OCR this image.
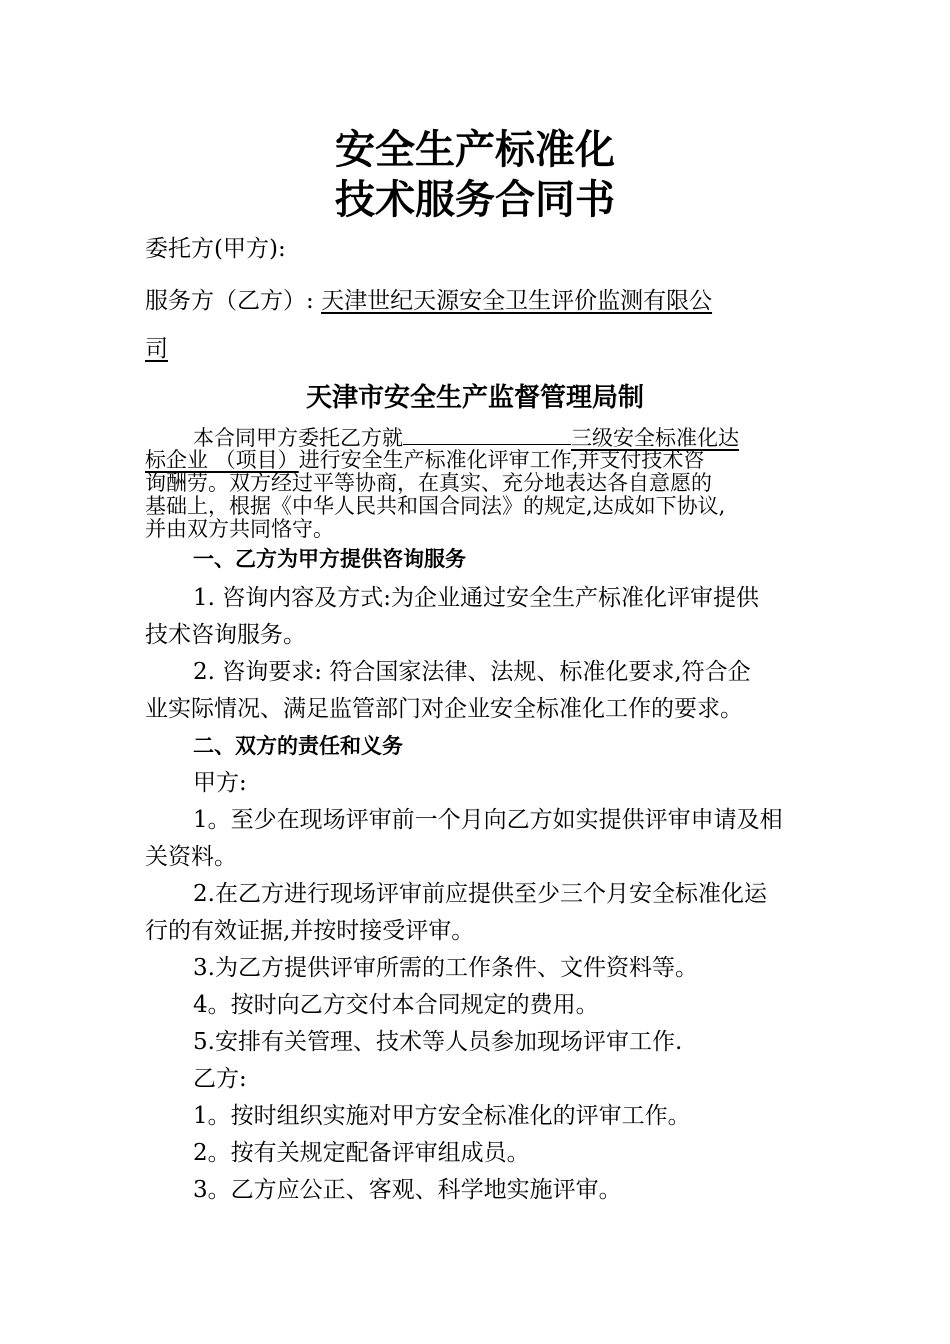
安全生产标准化
技术服务合同书

委托方(甲方):

服务方（乙方）: 天津世纪天源安全卫生评价监测有限公

司

天津市安全生产监督管理局制

本合同甲方委托乙方就	三级安全标准化达

标企业 （项目）进行安全生产标准化评审工作,并支付技术咨

询酬劳。双方经过平等协商，在真实、充分地表达各自意愿的

基础上，根据《中华人民共和国合同法》的规定,达成如下协议,

并由双方共同恪守。

一、乙方为甲方提供咨询服务

1. 咨询内容及方式:为企业通过安全生产标准化评审提供

技术咨询服务。

2. 咨询要求: 符合国家法律、法规、标准化要求,符合企

业实际情况、满足监管部门对企业安全标准化工作的要求。

二、双方的责任和义务

甲方:

1。至少在现场评审前一个月向乙方如实提供评审申请及相

关资料。

2.在乙方进行现场评审前应提供至少三个月安全标准化运

行的有效证据,并按时接受评审。

3.为乙方提供评审所需的工作条件、文件资料等。

4。按时向乙方交付本合同规定的费用。

5.安排有关管理、技术等人员参加现场评审工作.

乙方:

1。按时组织实施对甲方安全标准化的评审工作。

2。按有关规定配备评审组成员。

3。乙方应公正、客观、科学地实施评审。
